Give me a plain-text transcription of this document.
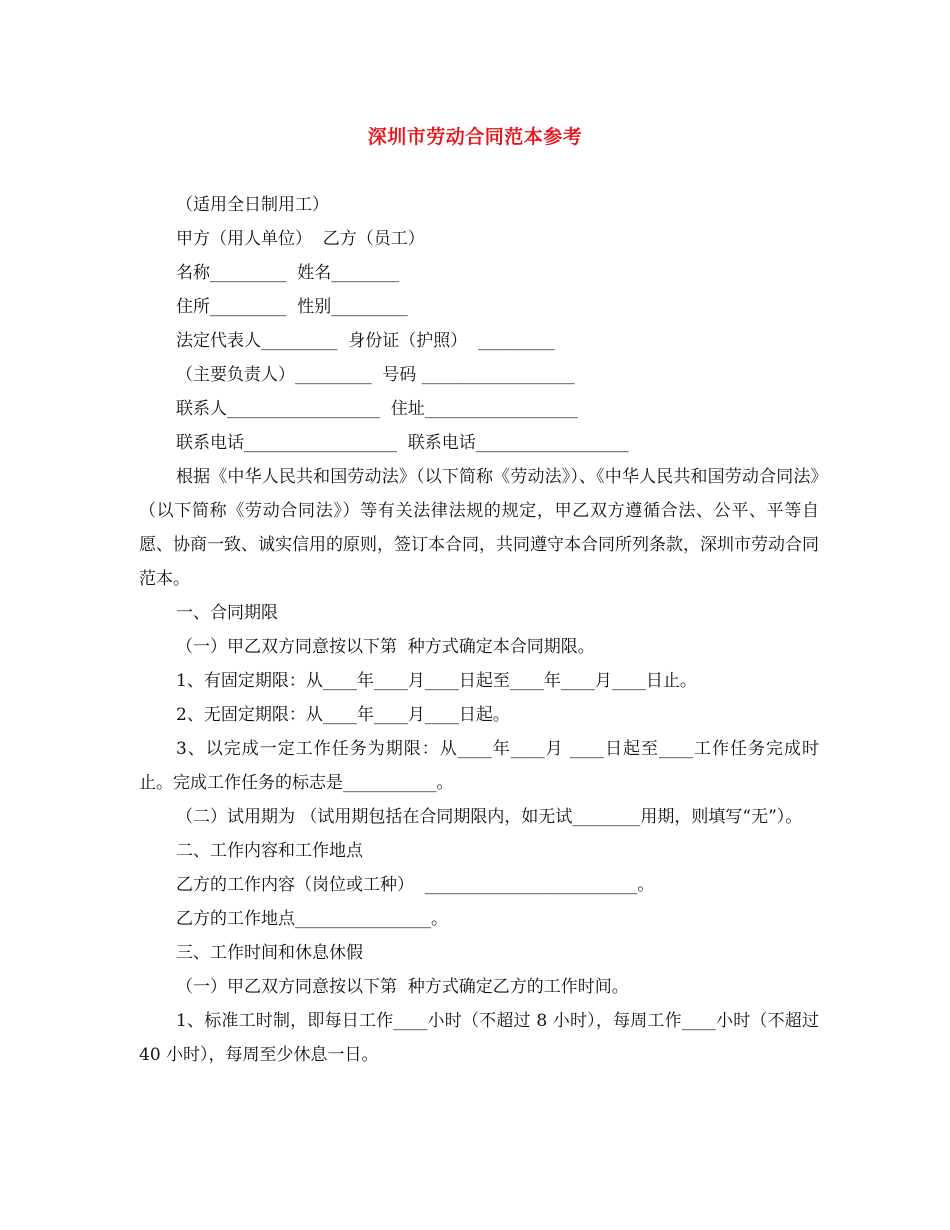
深圳市劳动合同范本参考

（适用全日制用工）

甲方（用人单位）  乙方（员工）

名称_________  姓名________

住所_________  性别_________

法定代表人_________  身份证（护照）  _________

（主要负责人）_________  号码 __________________

联系人__________________  住址__________________

联系电话__________________  联系电话__________________

根据《中华人民共和国劳动法》（以下简称《劳动法》）、《中华人民共和国劳动合同法》（以下简称《劳动合同法》）等有关法律法规的规定，甲乙双方遵循合法、公平、平等自愿、协商一致、诚实信用的原则，签订本合同，共同遵守本合同所列条款，深圳市劳动合同范本。

一、合同期限

（一）甲乙双方同意按以下第  种方式确定本合同期限。

1、有固定期限：从____年____月____日起至____年____月____日止。

2、无固定期限：从____年____月____日起。

3、以完成一定工作任务为期限：从____年____月 ____日起至____工作任务完成时止。完成工作任务的标志是___________。

（二）试用期为 （试用期包括在合同期限内，如无试________用期，则填写“无”）。

二、工作内容和工作地点

乙方的工作内容（岗位或工种）  _________________________。

乙方的工作地点________________。

三、工作时间和休息休假

（一）甲乙双方同意按以下第  种方式确定乙方的工作时间。

1、标准工时制，即每日工作____小时（不超过 8 小时），每周工作____小时（不超过 40 小时），每周至少休息一日。
